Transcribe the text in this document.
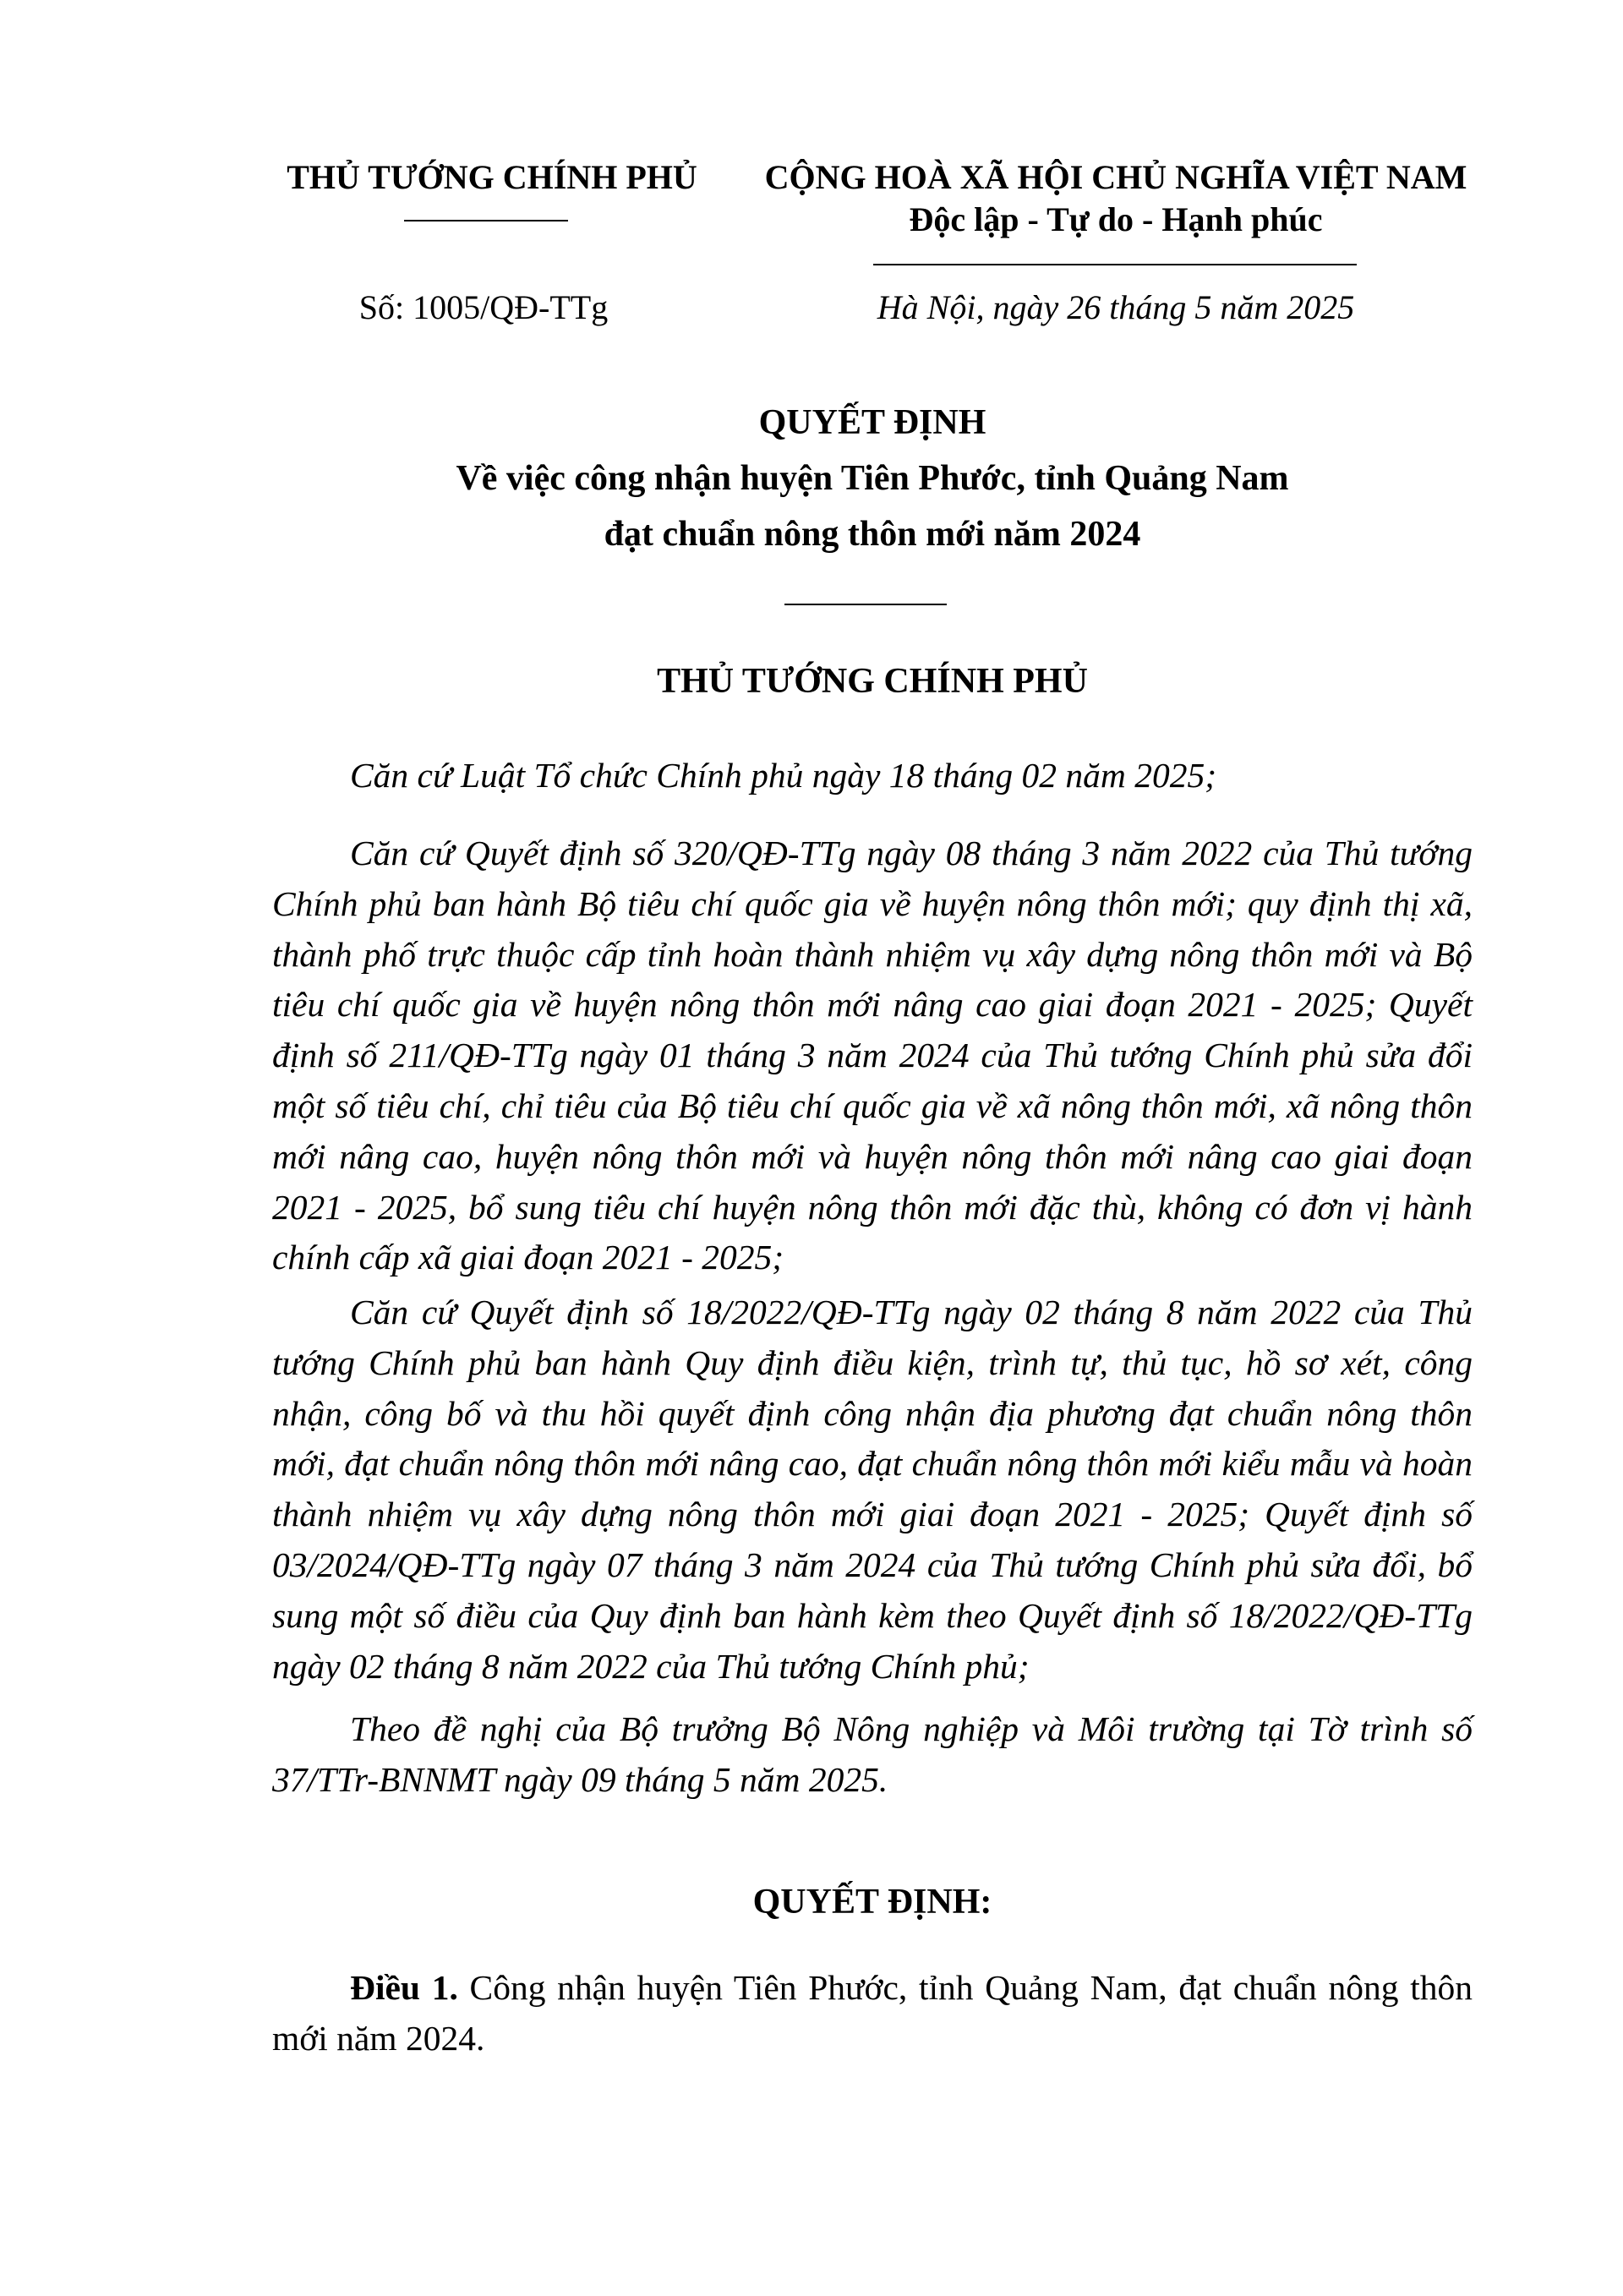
THỦ TƯỚNG CHÍNH PHỦ
Số: 1005/QĐ-TTg
CỘNG HOÀ XÃ HỘI CHỦ NGHĨA VIỆT NAM
Độc lập - Tự do - Hạnh phúc
Hà Nội, ngày 26 tháng 5 năm 2025
QUYẾT ĐỊNH
Về việc công nhận huyện Tiên Phước, tỉnh Quảng Nam
đạt chuẩn nông thôn mới năm 2024
THỦ TƯỚNG CHÍNH PHỦ
Căn cứ Luật Tổ chức Chính phủ ngày 18 tháng 02 năm 2025;
Căn cứ Quyết định số 320/QĐ-TTg ngày 08 tháng 3 năm 2022 của Thủ tướng Chính phủ ban hành Bộ tiêu chí quốc gia về huyện nông thôn mới; quy định thị xã, thành phố trực thuộc cấp tỉnh hoàn thành nhiệm vụ xây dựng nông thôn mới và Bộ tiêu chí quốc gia về huyện nông thôn mới nâng cao giai đoạn 2021 - 2025; Quyết định số 211/QĐ-TTg ngày 01 tháng 3 năm 2024 của Thủ tướng Chính phủ sửa đổi một số tiêu chí, chỉ tiêu của Bộ tiêu chí quốc gia về xã nông thôn mới, xã nông thôn mới nâng cao, huyện nông thôn mới và huyện nông thôn mới nâng cao giai đoạn 2021 - 2025, bổ sung tiêu chí huyện nông thôn mới đặc thù, không có đơn vị hành chính cấp xã giai đoạn 2021 - 2025;
Căn cứ Quyết định số 18/2022/QĐ-TTg ngày 02 tháng 8 năm 2022 của Thủ tướng Chính phủ ban hành Quy định điều kiện, trình tự, thủ tục, hồ sơ xét, công nhận, công bố và thu hồi quyết định công nhận địa phương đạt chuẩn nông thôn mới, đạt chuẩn nông thôn mới nâng cao, đạt chuẩn nông thôn mới kiểu mẫu và hoàn thành nhiệm vụ xây dựng nông thôn mới giai đoạn 2021 - 2025; Quyết định số 03/2024/QĐ-TTg ngày 07 tháng 3 năm 2024 của Thủ tướng Chính phủ sửa đổi, bổ sung một số điều của Quy định ban hành kèm theo Quyết định số 18/2022/QĐ-TTg ngày 02 tháng 8 năm 2022 của Thủ tướng Chính phủ;
Theo đề nghị của Bộ trưởng Bộ Nông nghiệp và Môi trường tại Tờ trình số 37/TTr-BNNMT ngày 09 tháng 5 năm 2025.
QUYẾT ĐỊNH:
Điều 1. Công nhận huyện Tiên Phước, tỉnh Quảng Nam, đạt chuẩn nông thôn mới năm 2024.
